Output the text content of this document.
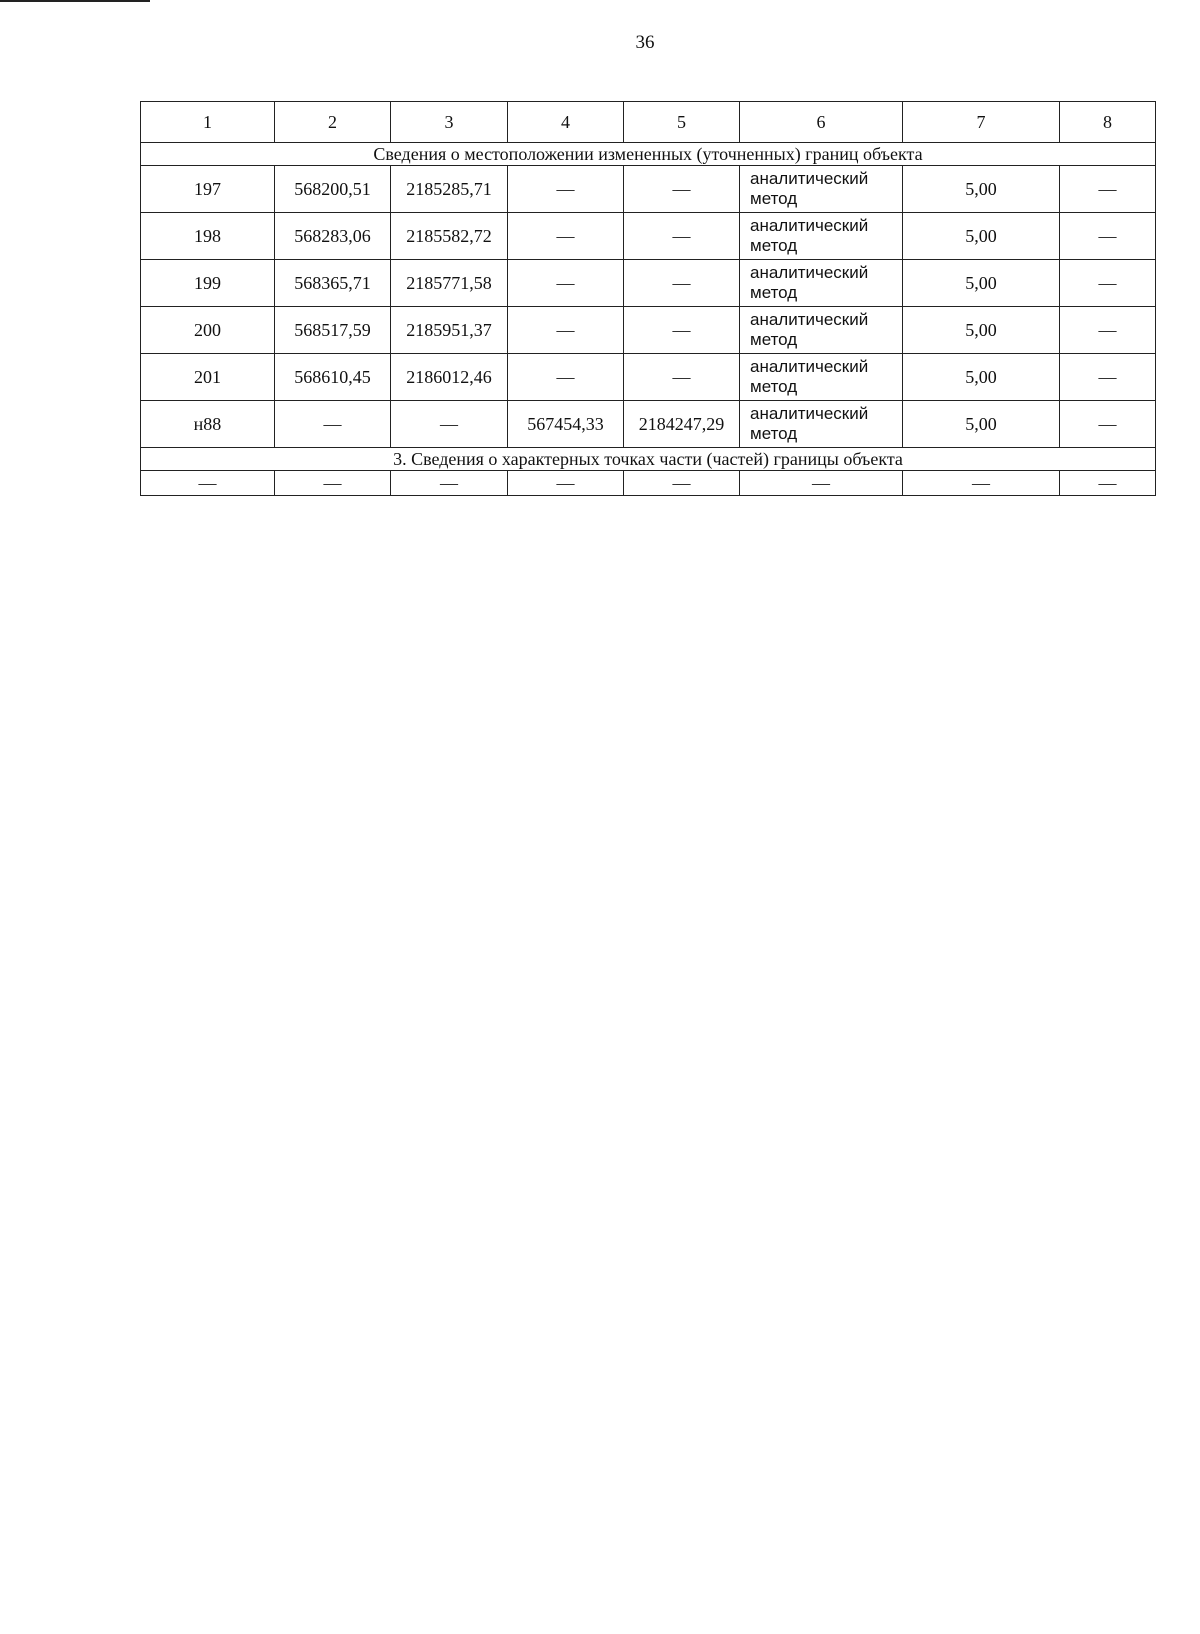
36
1	2	3	4	5	6	7	8
Сведения о местоположении измененных (уточненных) границ объекта							
197	568200,51	2185285,71	—	—	аналитический метод	5,00	—
198	568283,06	2185582,72	—	—	аналитический метод	5,00	—
199	568365,71	2185771,58	—	—	аналитический метод	5,00	—
200	568517,59	2185951,37	—	—	аналитический метод	5,00	—
201	568610,45	2186012,46	—	—	аналитический метод	5,00	—
н88	—	—	567454,33	2184247,29	аналитический метод	5,00	—
3. Сведения о характерных точках части (частей) границы объекта							
—	—	—	—	—	—	—	—
